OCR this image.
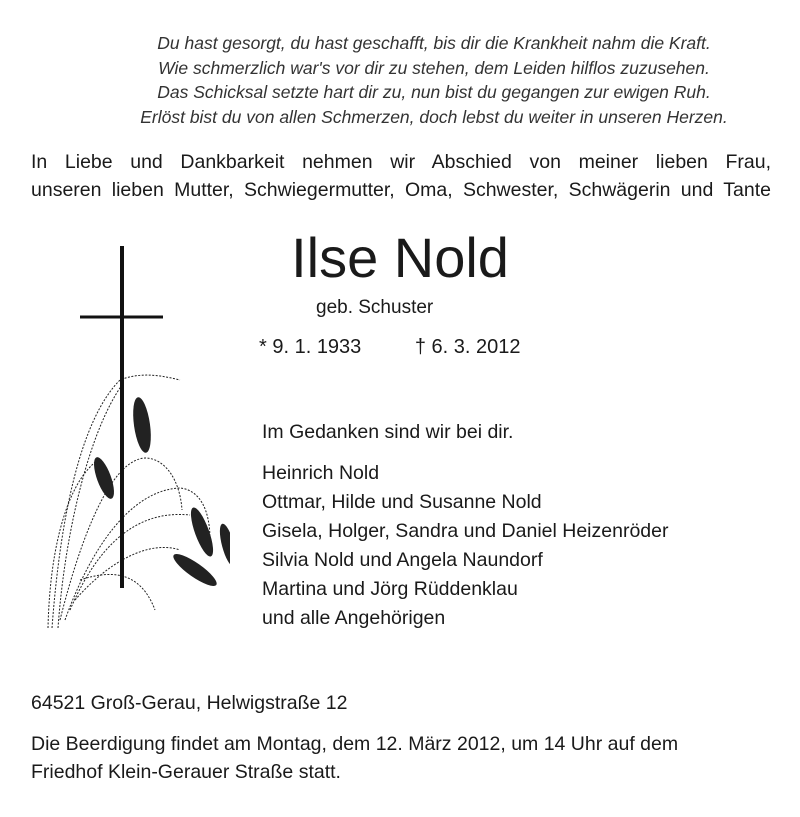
Du hast gesorgt, du hast geschafft, bis dir die Krankheit nahm die Kraft.
Wie schmerzlich war's vor dir zu stehen, dem Leiden hilflos zuzusehen.
Das Schicksal setzte hart dir zu, nun bist du gegangen zur ewigen Ruh.
Erlöst bist du von allen Schmerzen, doch lebst du weiter in unseren Herzen.
In Liebe und Dankbarkeit nehmen wir Abschied von meiner lieben Frau,
unseren lieben Mutter, Schwiegermutter, Oma, Schwester, Schwägerin und Tante
Ilse Nold
geb. Schuster
* 9. 1. 1933	† 6. 3. 2012
Im Gedanken sind wir bei dir.
Heinrich Nold
Ottmar, Hilde und Susanne Nold
Gisela, Holger, Sandra und Daniel Heizenröder
Silvia Nold und Angela Naundorf
Martina und Jörg Rüddenklau
und alle Angehörigen
64521 Groß-Gerau, Helwigstraße 12
Die Beerdigung findet am Montag, dem 12. März 2012, um 14 Uhr auf dem
Friedhof Klein-Gerauer Straße statt.
